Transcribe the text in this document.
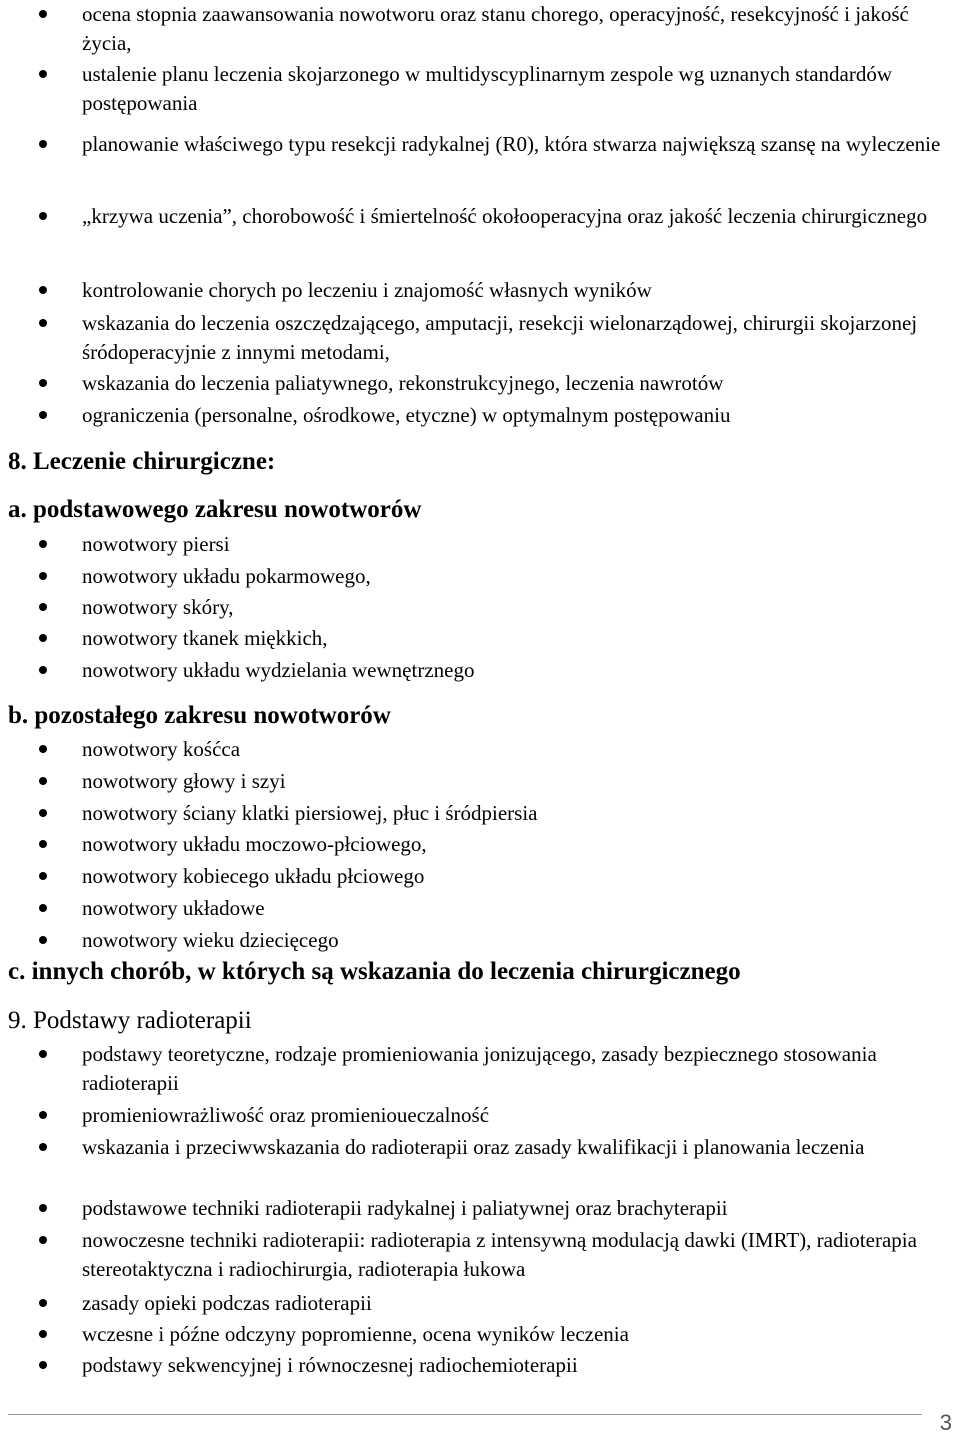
ocena stopnia zaawansowania nowotworu oraz stanu chorego, operacyjność, resekcyjność i jakość życia,
ustalenie planu leczenia skojarzonego w multidyscyplinarnym zespole wg uznanych standardów postępowania
planowanie właściwego typu resekcji radykalnej (R0), która stwarza największą szansę na wyleczenie
„krzywa uczenia”, chorobowość i śmiertelność okołooperacyjna oraz jakość leczenia chirurgicznego
kontrolowanie chorych po leczeniu i znajomość własnych wyników
wskazania do leczenia oszczędzającego, amputacji, resekcji wielonarządowej, chirurgii skojarzonej śródoperacyjnie z innymi metodami,
wskazania do leczenia paliatywnego, rekonstrukcyjnego, leczenia nawrotów
ograniczenia (personalne, ośrodkowe, etyczne) w optymalnym postępowaniu
8. Leczenie chirurgiczne:
a. podstawowego zakresu nowotworów
nowotwory piersi
nowotwory układu pokarmowego,
nowotwory skóry,
nowotwory tkanek miękkich,
nowotwory układu wydzielania wewnętrznego
b. pozostałego zakresu nowotworów
nowotwory kośćca
nowotwory głowy i szyi
nowotwory ściany klatki piersiowej, płuc i śródpiersia
nowotwory układu moczowo-płciowego,
nowotwory kobiecego układu płciowego
nowotwory układowe
nowotwory wieku dziecięcego
c. innych chorób, w których są wskazania do leczenia chirurgicznego
9. Podstawy radioterapii
podstawy teoretyczne, rodzaje promieniowania jonizującego, zasady bezpiecznego stosowania radioterapii
promieniowrażliwość oraz promienioueczalność
wskazania i przeciwwskazania do radioterapii oraz zasady kwalifikacji i planowania leczenia
podstawowe techniki radioterapii radykalnej i paliatywnej oraz brachyterapii
nowoczesne techniki radioterapii: radioterapia z intensywną modulacją dawki (IMRT), radioterapia stereotaktyczna i radiochirurgia, radioterapia łukowa
zasady opieki podczas radioterapii
wczesne i późne odczyny popromienne, ocena wyników leczenia
podstawy sekwencyjnej i równoczesnej radiochemioterapii
3
